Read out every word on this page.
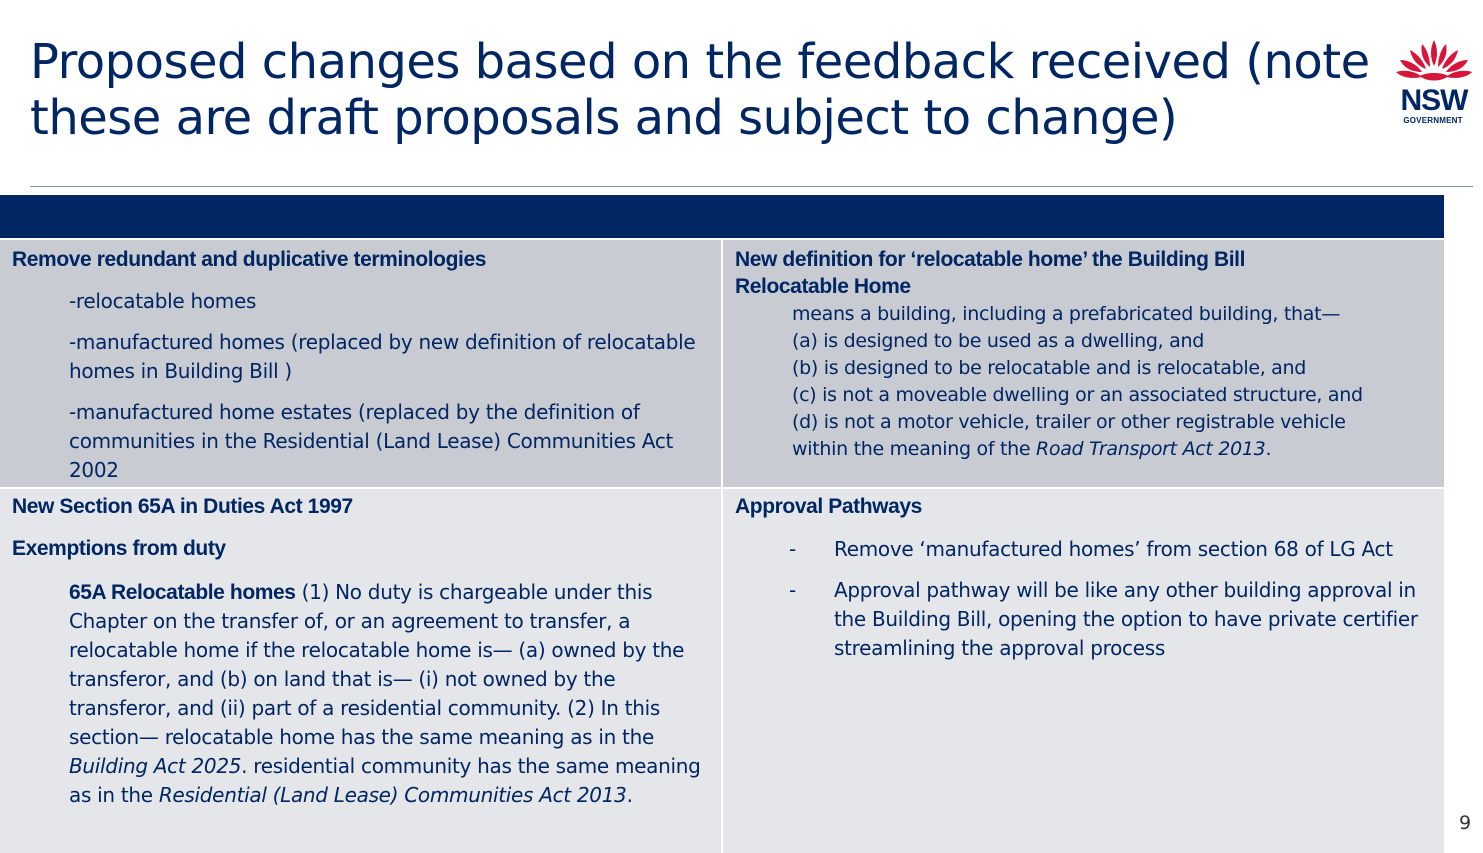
Proposed changes based on the feedback received (note these are draft proposals and subject to change)	NSW
GOVERNMENT
Remove redundant and duplicative terminologies

-relocatable homes

-manufactured homes (replaced by new definition of relocatable homes in Building Bill )

-manufactured home estates (replaced by the definition of communities in the Residential (Land Lease) Communities Act 2002

New definition for ‘relocatable home’ the Building Bill
Relocatable Home
means a building, including a prefabricated building, that—
(a) is designed to be used as a dwelling, and
(b) is designed to be relocatable and is relocatable, and
(c) is not a moveable dwelling or an associated structure, and
(d) is not a motor vehicle, trailer or other registrable vehicle
within the meaning of the Road Transport Act 2013.
New Section 65A in Duties Act 1997
Exemptions from duty

65A Relocatable homes (1) No duty is chargeable under this Chapter on the transfer of, or an agreement to transfer, a relocatable home if the relocatable home is— (a) owned by the transferor, and (b) on land that is— (i) not owned by the transferor, and (ii) part of a residential community. (2) In this section— relocatable home has the same meaning as in the Building Act 2025. residential community has the same meaning as in the Residential (Land Lease) Communities Act 2013.

Approval Pathways
- Remove ‘manufactured homes’ from section 68 of LG Act
- Approval pathway will be like any other building approval in the Building Bill, opening the option to have private certifier streamlining the approval process
9
